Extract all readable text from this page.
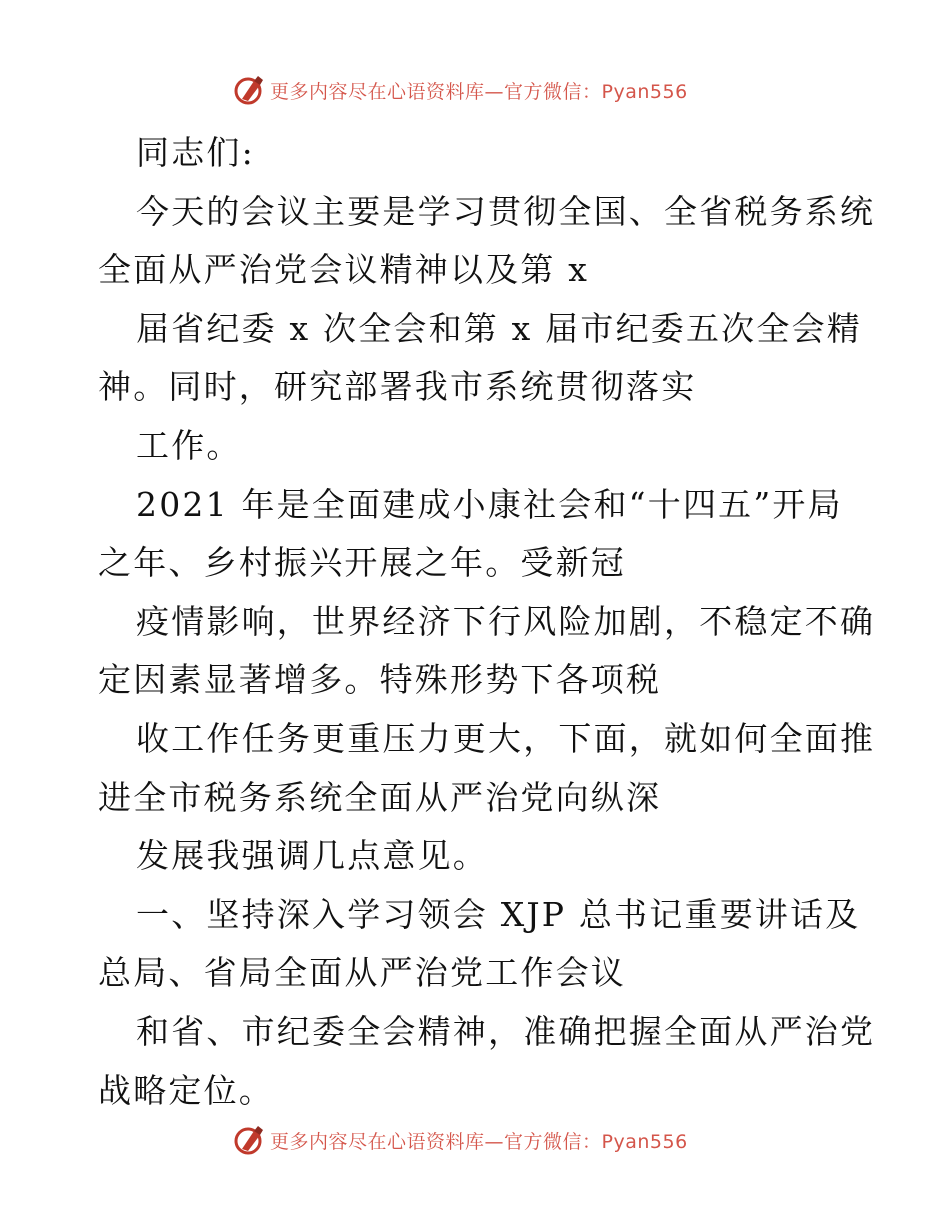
更多内容尽在心语资料库—官方微信：Pyan556
同志们:
今天的会议主要是学习贯彻全国、全省税务系统
全面从严治党会议精神以及第 x
届省纪委 x 次全会和第 x 届市纪委五次全会精
神。同时，研究部署我市系统贯彻落实
工作。
2021 年是全面建成小康社会和“十四五”开局
之年、乡村振兴开展之年。受新冠
疫情影响，世界经济下行风险加剧，不稳定不确
定因素显著增多。特殊形势下各项税
收工作任务更重压力更大，下面，就如何全面推
进全市税务系统全面从严治党向纵深
发展我强调几点意见。
一、坚持深入学习领会 XJP 总书记重要讲话及
总局、省局全面从严治党工作会议
和省、市纪委全会精神，准确把握全面从严治党
战略定位。
更多内容尽在心语资料库—官方微信：Pyan556
